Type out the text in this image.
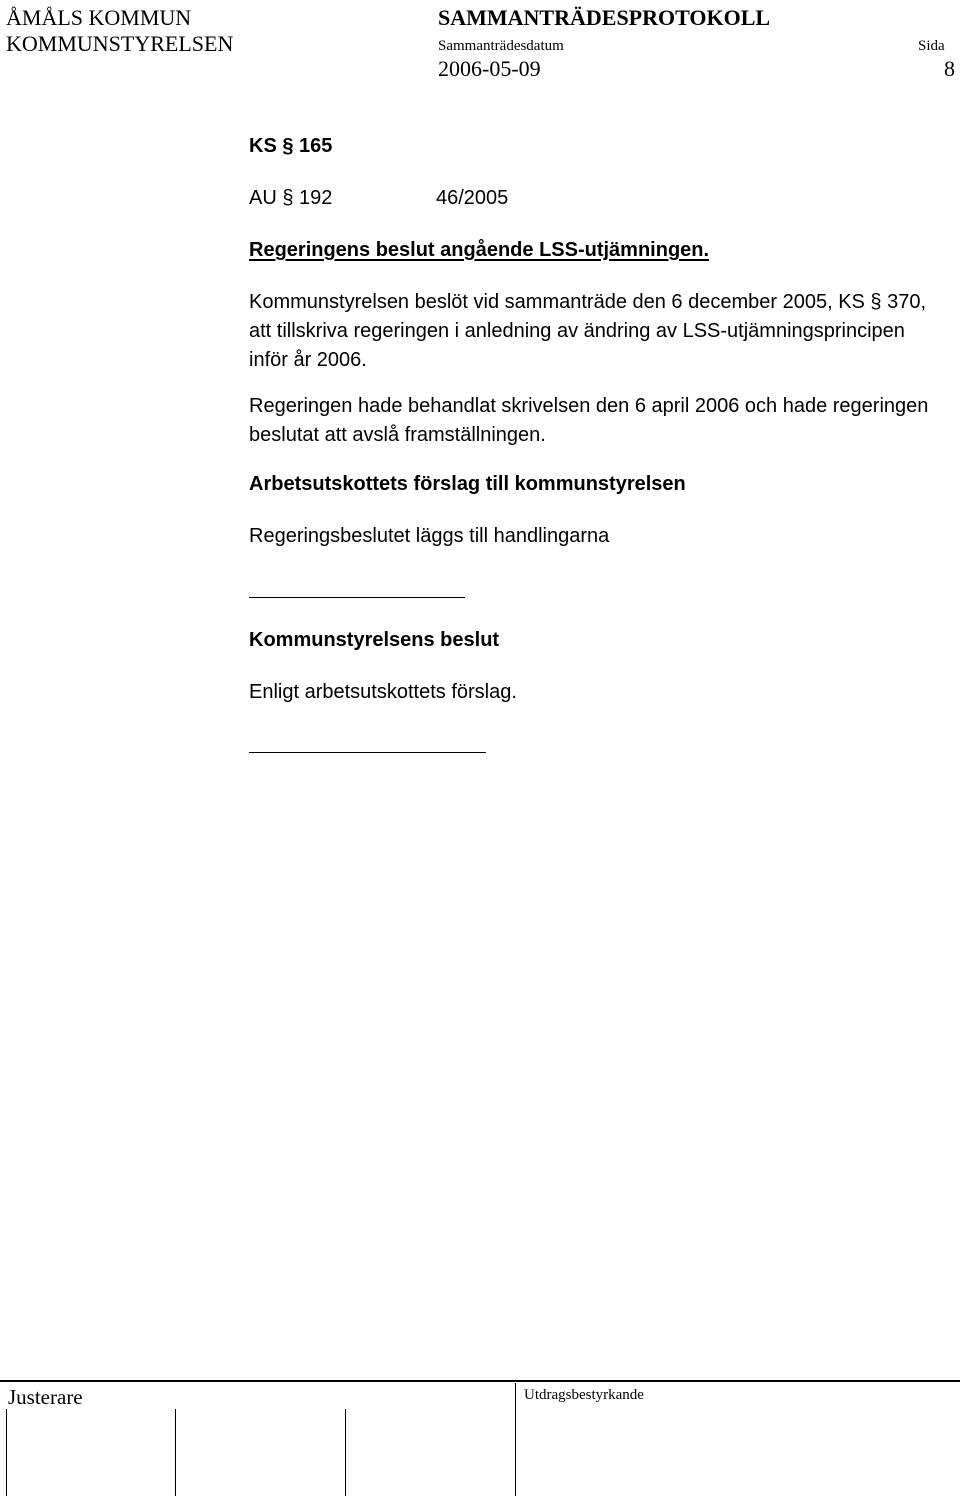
ÅMÅLS KOMMUN
KOMMUNSTYRELSEN
SAMMANTRÄDESPROTOKOLL
Sammanträdesdatum	Sida
2006-05-09	8
KS § 165
AU § 192	46/2005
Regeringens beslut angående LSS-utjämningen.
Kommunstyrelsen beslöt vid sammanträde den 6 december 2005, KS § 370, att tillskriva regeringen i anledning av ändring av LSS-utjämningsprincipen inför år 2006.
Regeringen hade behandlat skrivelsen den 6 april 2006 och hade regeringen beslutat att avslå framställningen.
Arbetsutskottets förslag till kommunstyrelsen
Regeringsbeslutet läggs till handlingarna
Kommunstyrelsens beslut
Enligt arbetsutskottets förslag.
Justerare	Utdragsbestyrkande
